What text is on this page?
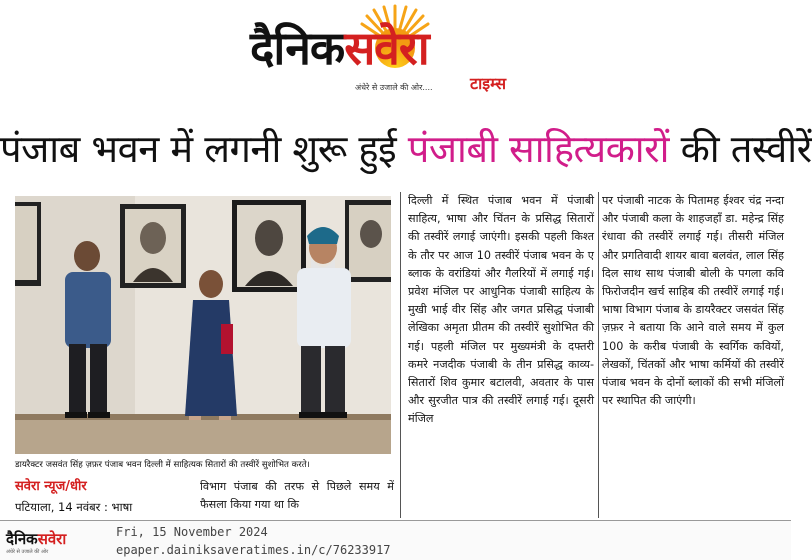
दैनिकसवेरा
टाइम्स
अंधेरे से उजाले की ओर....
पंजाब भवन में लगनी शुरू हुई पंजाबी साहित्यकारों की तस्वीरें
डायरैक्टर जसवंत सिंह ज़फ़र पंजाब भवन दिल्ली में साहित्यक सितारों की तस्वीरें सुशोभित करते।
सवेरा न्यूज/धीर
पटियाला, 14 नवंबर : भाषा
विभाग पंजाब की तरफ से पिछले समय में फैसला किया गया था कि
दिल्ली में स्थित पंजाब भवन में पंजाबी साहित्य, भाषा और चिंतन के प्रसिद्ध सितारों की तस्वीरें लगाई जाएंगी। इसकी पहली किश्त के तौर पर आज 10 तस्वीरें पंजाब भवन के ए ब्लाक के वरांडियां और गैलरियों में लगाई गई। प्रवेश मंजिल पर आधुनिक पंजाबी साहित्य के मुखी भाई वीर सिंह और जगत प्रसिद्ध पंजाबी लेखिका अमृता प्रीतम की तस्वीरें सुशोभित की गई। पहली मंजिल पर मुख्यमंत्री के दफ्तरी कमरे नजदीक पंजाबी के तीन प्रसिद्ध काव्य-सितारों शिव कुमार बटालवी, अवतार के पास और सुरजीत पात्र की तस्वीरें लगाई गई। दूसरी मंजिल
पर पंजाबी नाटक के पितामह ईश्वर चंद्र नन्दा और पंजाबी कला के शाहजहाँ डा. महेन्द्र सिंह रंधावा की तस्वीरें लगाई गई। तीसरी मंजिल और प्रगतिवादी शायर बावा बलवंत, लाल सिंह दिल साथ साथ पंजाबी बोली के पगला कवि फिरोजदीन खर्च साहिब की तस्वीरें लगाई गई। भाषा विभाग पंजाब के डायरैक्टर जसवंत सिंह ज़फ़र ने बताया कि आने वाले समय में कुल 100 के करीब पंजाबी के स्वर्गिक कवियों, लेखकों, चिंतकों और भाषा कर्मियों की तस्वीरें पंजाब भवन के दोनों ब्लाकों की सभी मंजिलों पर स्थापित की जाएंगी।
दैनिकसवेरा
अंधेरे से उजाले की ओर
Fri, 15 November 2024
epaper.dainiksaveratimes.in/c/76233917
